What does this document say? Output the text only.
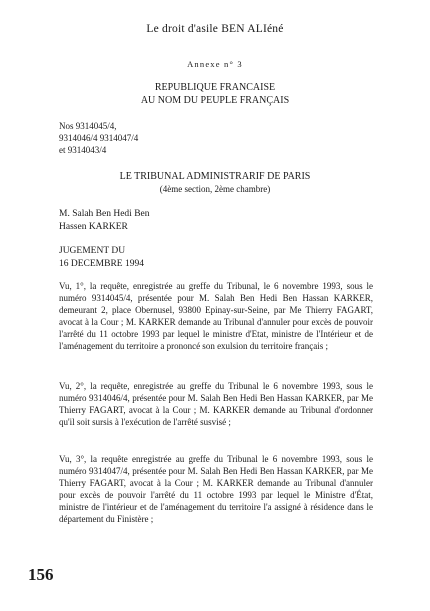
Le droit d'asile BEN ALIéné
Annexe n° 3
REPUBLIQUE FRANCAISE
AU NOM DU PEUPLE FRANÇAIS
Nos 9314045/4,
9314046/4 9314047/4
et 9314043/4
LE TRIBUNAL ADMINISTRARIF DE PARIS
(4ème section, 2ème chambre)
M. Salah Ben Hedi Ben
Hassen KARKER
JUGEMENT DU
16 DECEMBRE 1994

Vu, 1°, la requête, enregistrée au greffe du Tribunal, le 6 novembre 1993, sous le numéro 9314045/4, présentée pour M. Salah Ben Hedi Ben Hassan KARKER, demeurant 2, place Obernusel, 93800 Epinay-sur-Seine, par Me Thierry FAGART, avocat à la Cour ; M. KARKER demande au Tribunal d'annuler pour excès de pouvoir l'arrêté du 11 octobre 1993 par lequel le ministre d'Etat, ministre de l'Intérieur et de l'aménagement du territoire a prononcé son exulsion du territoire français ;

Vu, 2°, la requête, enregistrée au greffe du Tribunal le 6 novembre 1993, sous le numéro 9314046/4, présentée pour M. Salah Ben Hedi Ben Hassan KARKER, par Me Thierry FAGART, avocat à la Cour ; M. KARKER demande au Tribunal d'ordonner qu'il soit sursis à l'exécution de l'arrêté susvisé ;

Vu, 3°, la requête enregistrée au greffe du Tribunal le 6 novembre 1993, sous le numéro 9314047/4, présentée pour M. Salah Ben Hedi Ben Hassan KARKER, par Me Thierry FAGART, avocat à la Cour ; M. KARKER demande au Tribunal d'annuler pour excès de pouvoir l'arrêté du 11 octobre 1993 par lequel le Ministre d'État, ministre de l'intérieur et de l'aménagement du territoire l'a assigné à résidence dans le département du Finistère ;

156
